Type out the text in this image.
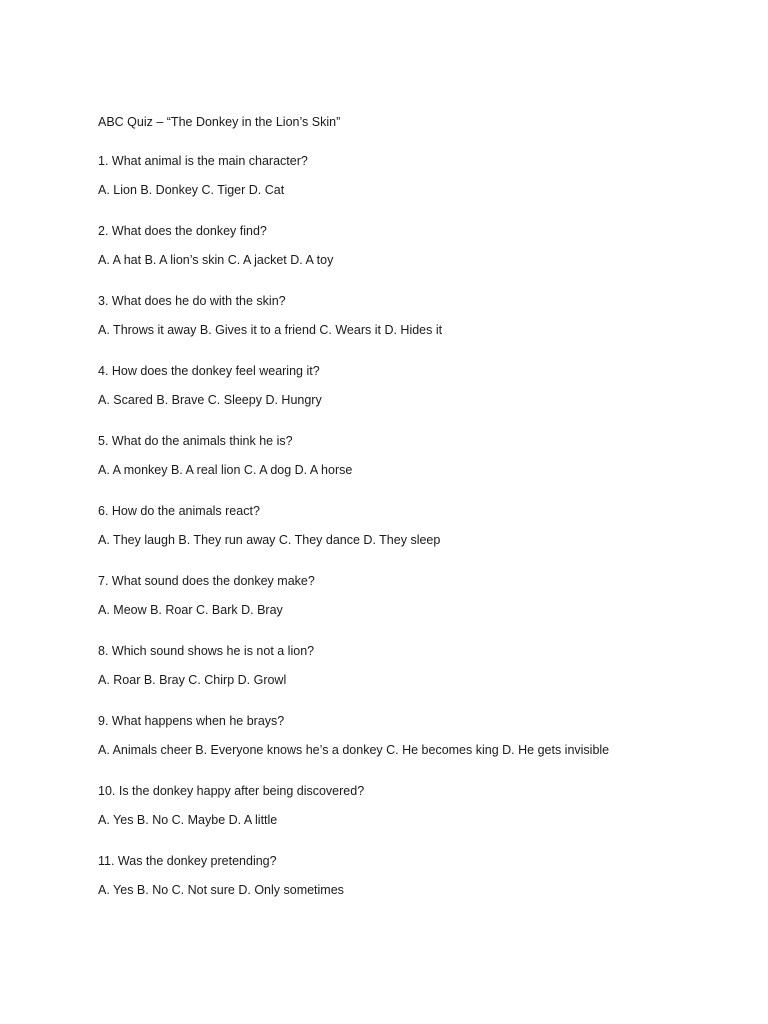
ABC Quiz – “The Donkey in the Lion’s Skin”

1. What animal is the main character?

A. Lion B. Donkey C. Tiger D. Cat

2. What does the donkey find?

A. A hat B. A lion’s skin C. A jacket D. A toy

3. What does he do with the skin?

A. Throws it away B. Gives it to a friend C. Wears it D. Hides it

4. How does the donkey feel wearing it?

A. Scared B. Brave C. Sleepy D. Hungry

5. What do the animals think he is?

A. A monkey B. A real lion C. A dog D. A horse

6. How do the animals react?

A. They laugh B. They run away C. They dance D. They sleep

7. What sound does the donkey make?

A. Meow B. Roar C. Bark D. Bray

8. Which sound shows he is not a lion?

A. Roar B. Bray C. Chirp D. Growl

9. What happens when he brays?

A. Animals cheer B. Everyone knows he’s a donkey C. He becomes king D. He gets invisible

10. Is the donkey happy after being discovered?

A. Yes B. No C. Maybe D. A little

11. Was the donkey pretending?

A. Yes B. No C. Not sure D. Only sometimes
